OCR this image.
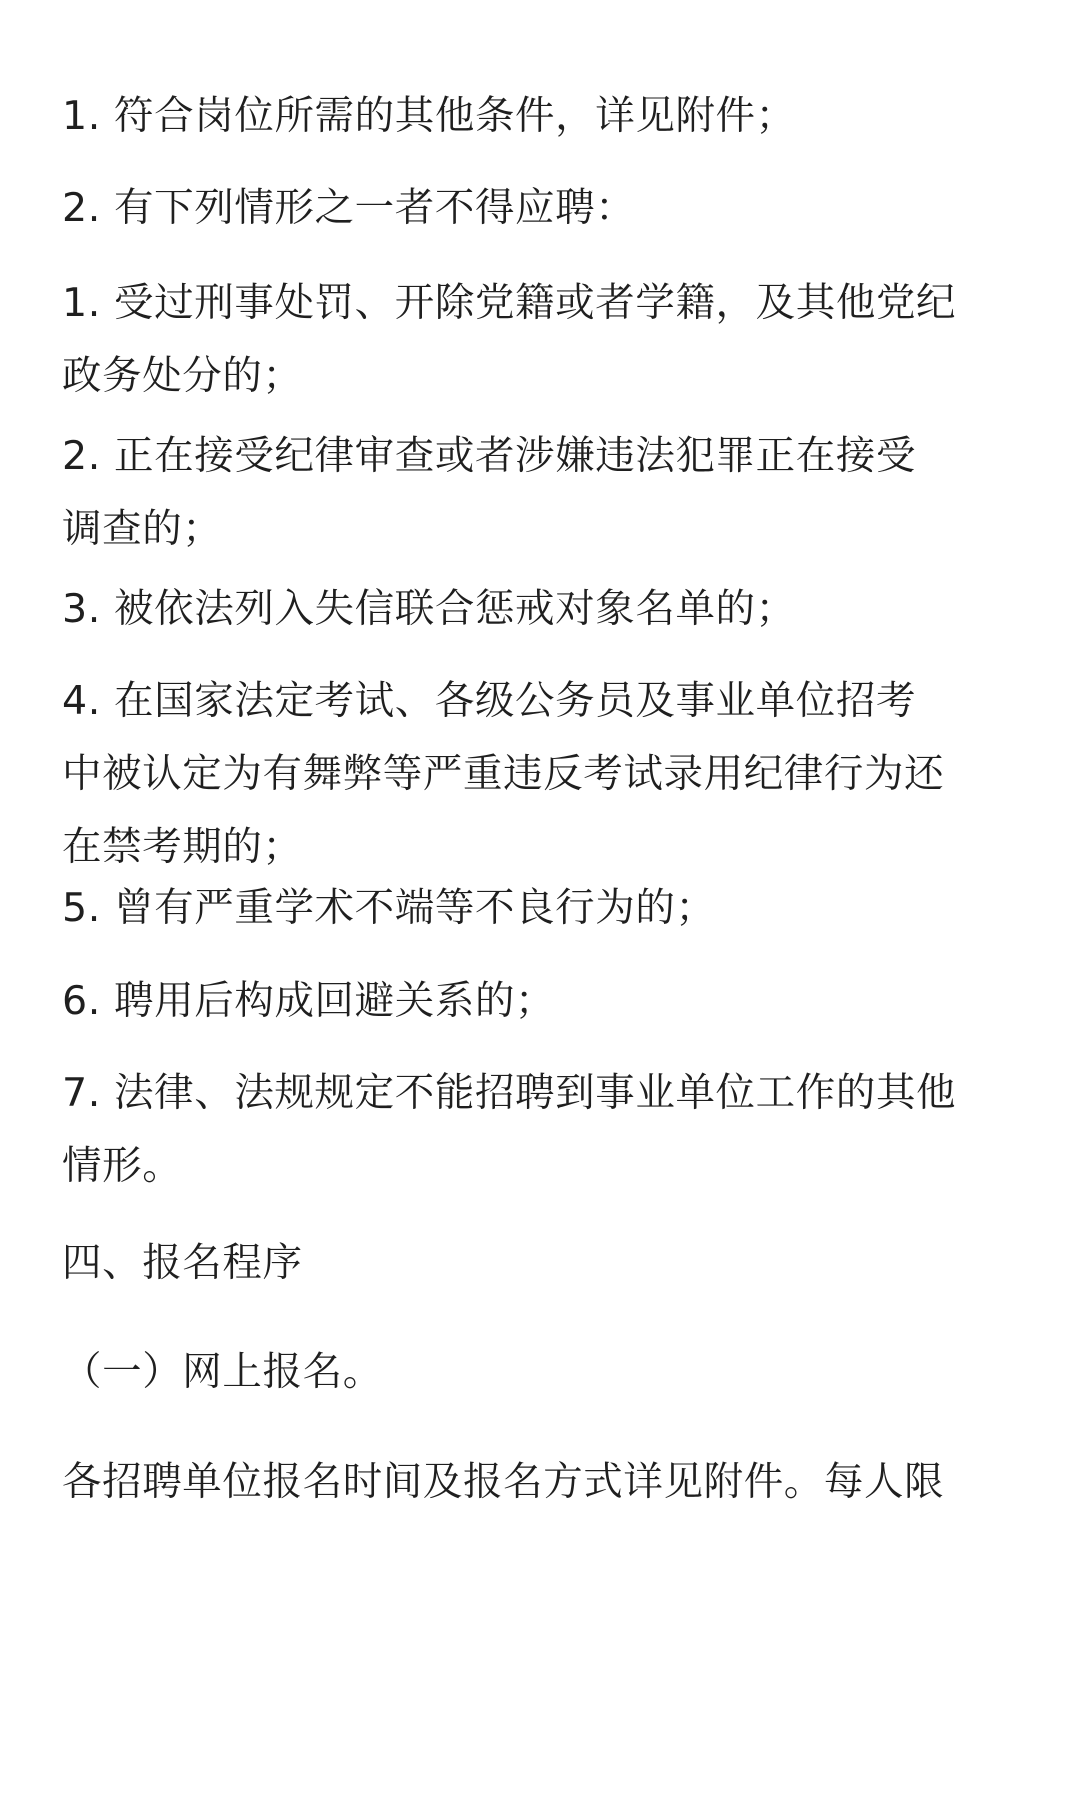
1. 符合岗位所需的其他条件，详见附件；

2. 有下列情形之一者不得应聘：

1. 受过刑事处罚、开除党籍或者学籍，及其他党纪
政务处分的；

2. 正在接受纪律审查或者涉嫌违法犯罪正在接受
调查的；

3. 被依法列入失信联合惩戒对象名单的；

4. 在国家法定考试、各级公务员及事业单位招考
中被认定为有舞弊等严重违反考试录用纪律行为还
在禁考期的；

5. 曾有严重学术不端等不良行为的；

6. 聘用后构成回避关系的；

7. 法律、法规规定不能招聘到事业单位工作的其他
情形。

四、报名程序

（一）网上报名。

各招聘单位报名时间及报名方式详见附件。每人限
